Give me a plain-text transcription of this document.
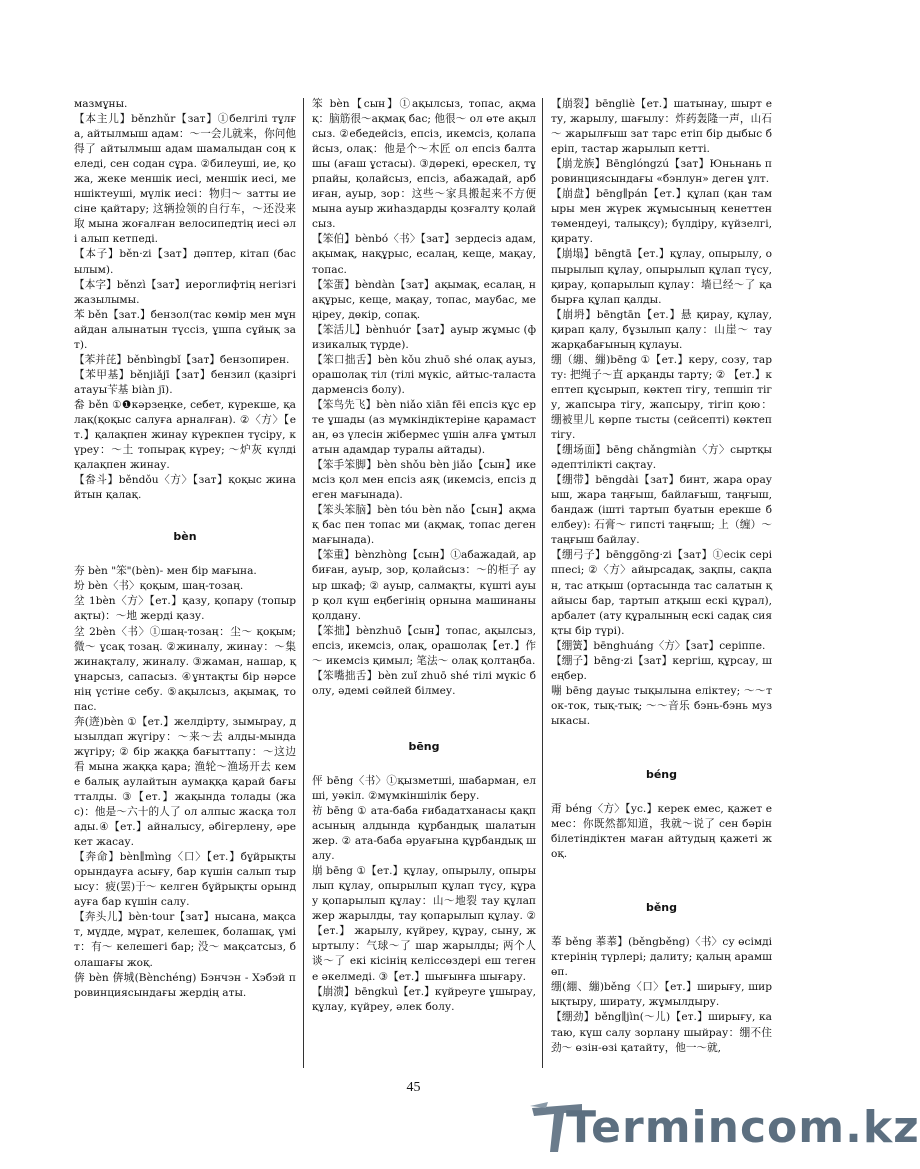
мазмұны.

【本主儿】běnzhǔr【зат】①белгілі тұлға, айтылмыш адам：～一会儿就来，你问他得了 айтылмыш адам шамалыдан соң келеді, сен содан сұра. ②билеуші, ие, қожа, жеке меншік иесі, меншік иесі, меншіктеуші, мүлік иесі：物归～ затты иесіне қайтару; 这辆捡领的自行车，～还没来取 мына жоғалған велосипедтің иесі әлі алып кетпеді.

【本子】běn·zi【зат】дәптер, кітап (басылым).

【本字】běnzì【зат】иероглифтің негізгі жазылымы.

苯 běn【зат.】бензол(тас көмір мен мұнайдан алынатын түссіз, ұшпа сұйық зат).

【苯并芘】běnbìngbǐ【зат】бензопирен.

【苯甲基】běnjiǎjī【зат】бензил (қазіргі атауы苄基 biàn jī).

畚 běn ①❶кәрзеңке, себет, күрекше, қалақ(қоқыс салуға арналған). ②〈方〉【ет.】қалақпен жинау күрекпен түсіру, күреу：～土 топырақ күреу; ～炉灰 күлді қалақпен жинау.

【畚斗】běndǒu〈方〉【зат】қоқыс жинайтын қалақ.

bèn

夯 bèn "笨"(bèn)- мен бір мағына.

坋 bèn〈书〉қоқым, шаң-тозаң.

坌 1bèn〈方〉【ет.】қазу, қопару (топырақты)：～地 жерді қазу.

坌 2bèn〈书〉①шаң-тозаң：尘～ қоқым; 微～ ұсақ тозаң. ②жиналу, жинау：～集 жинақталу, жиналу. ③жаман, нашар, құнарсыз, сапасыз. ④ұнтақты бір нәрсенің үстіне себу. ⑤ақылсыз, ақымақ, топас.

奔(逩)bèn ①【ет.】желдірту, зымырау, дызылдап жүгіру：～来～去 алды-мында жүгіру; ② бір жаққа бағыттапу：～这边看 мына жаққа қара; 渔轮～渔场开去 кеме балық аулайтын аумаққа қарай бағытталды. ③【ет.】жақында толады (жас)：他是～六十的人了 ол алпыс жасқа толады.④【ет.】айналысу, әбігерлену, әрекет жасау.

【奔命】bèn∥mìng〈口〉【ет.】бұйрықты орындауға асығу, бар күшін салып тырысу：疲(罢)于～ келген бұйрықты орындауға бар күшін салу.

【奔头儿】bèn·tour【зат】нысана, мақсат, мүдде, мұрат, келешек, болашақ, үміт：有～ келешегі бар; 没～ мақсатсыз, болашағы жоқ.

倴 bèn 倴城(Bènchéng) Бэнчэн - Хэбэй провинциясындағы жердің аты.

笨 bèn【сын】①ақылсыз, топас, ақмақ：脑筋很～ақмақ бас; 他很～ ол өте ақылсыз. ②ебедейсіз, епсіз, икемсіз, қолапайсыз, олақ：他是个～木匠 ол епсіз балташы (ағаш ұстасы). ③дөрекі, өрескел, тұрпайы, қолайсыз, епсіз, абажадай, арбиған, ауыр, зор：这些～家具搬起来不方便 мына ауыр жиhаздарды қозғалту қолайсыз.

【笨伯】bènbó〈书〉【зат】зердесіз адам, ақымақ, нақұрыс, есалаң, кеще, мақау, топас.

【笨蛋】bèndàn【зат】ақымақ, есалаң, нақұрыс, кеще, мақау, топас, маубас, меңіреу, дөкір, сопақ.

【笨活儿】bènhuór【зат】ауыр жұмыс (физикалық түрде).

【笨口拙舌】bèn kǒu zhuō shé олақ ауыз, орашолақ тіл (тілі мүкіс, айтыс-таласта дарменсіз болу).

【笨鸟先飞】bèn niǎo xiān fēi епсіз құс ерте ұшады (аз мүмкіндіктеріне қарамастан, өз үлесін жібермес үшін алға ұмтылатын адамдар туралы айтады).

【笨手笨脚】bèn shǒu bèn jiǎo【сын】икемсіз қол мен епсіз аяқ (икемсіз, епсіз деген мағынада).

【笨头笨脑】bèn tóu bèn nǎo【сын】ақмақ бас пен топас ми (ақмақ, топас деген мағынада).

【笨重】bènzhòng【сын】①абажадай, арбиған, ауыр, зор, қолайсыз：～的柜子 ауыр шкаф; ② ауыр, салмақты, күшті ауыр қол күш еңбегінің орнына машинаны қолдану.

【笨拙】bènzhuō【сын】топас, ақылсыз, епсіз, икемсіз, олақ, орашолақ【ет.】作～ икемсіз қимыл; 笔法～ олақ қолтаңба.

【笨嘴拙舌】bèn zuǐ zhuō shé тілі мүкіс болу, әдемі сөйлей білмеу.

bēng

伻 bēng〈书〉①қызметші, шабарман, елші, уәкіл. ②мүмкіншілік беру.

祊 bēng ① ата-баба ғибадатханасы қақпасының алдында құрбандық шалатын жер. ② ата-баба әруағына құрбандық шалу.

崩 bēng ①【ет.】құлау, опырылу, опырылып құлау, опырылып құлап түсу, құрау қопарылып құлау：山～地裂 тау құлап жер жарылды, тау қопарылып құлау. ② 【ет.】 жарылу, күйреу, құрау, сыну, жыртылу：气球～了 шар жарылды; 两个人谈～了 екі кісінің келіссөздері еш тегене әкелмеді. ③【ет.】шығынға шығару.

【崩溃】bēngkuì【ет.】күйреуге ұшырау, құлау, күйреу, әлек болу.

【崩裂】bēngliè【ет.】шатынау, шырт ету, жарылу, шағылу：炸药轰隆一声，山石～ жарылғыш зат тарс етіп бір дыбыс беріп, тастар жарылып кетті.

【崩龙族】Bēnglóngzú【зат】Юньнань провинциясындағы «бэнлун» деген ұлт.

【崩盘】bēng∥pán【ет.】құлап (қан тамыры мен жүрек жұмысының кенеттен төмендеуі, талықсу); бүлдіру, күйзелгі, қирату.

【崩塌】bēngtā【ет.】құлау, опырылу, опырылып құлау, опырылып құлап түсу, қирау, қопарылып құлау：墙已经～了 қабырға құлап қалды.

【崩坍】bēngtān【ет.】悬 қирау, құлау, қирап қалу, бұзылып қалу：山崖～ тау жарқабағының құлауы.

绷（綳、繃)bēng ①【ет.】керу, созу, тарту: 把绳子～直 арқанды тарту; ② 【ет.】кептеп құсырып, көктеп тігу, тепшіп тігу, жапсыра тігу, жапсыру, тігіп қою：绷被里儿 көрпе тысты (сейсепті) көктеп тігу.

【绷场面】bēng chǎngmiàn〈方〉сыртқы әдептілікті сақтау.

【绷带】bēngdài【зат】бинт, жара орауыш, жара таңғыш, байлағыш, таңғыш, бандаж (іштi тартып буатын ерекше белбеу): 石膏～ гипсті таңғыш; 上（缠）～ таңғыш байлау.

【绷弓子】bēnggōng·zi【зат】①есік серіппесі; ②〈方〉айырсадақ, зақпы, сақпан, тас атқыш (ортасында тас салатын қайысы бар, тартып атқыш ескі құрал), арбалет (ату құралының ескі садақ сияқты бір түрі).

【绷簧】bēnghuáng〈方〉【зат】серіппе.

【绷子】bēng·zi【зат】кергіш, құрсау, шеңбер.

嘣 bēng дауыс тықылына еліктеу; ～～ток-ток, тық-тық; ～～音乐 бэнь-бэнь музыкасы.

béng

甭 béng〈方〉【ус.】керек емес, қажет емес：你既然都知道，我就～说了 сен бәрін білетіндіктен маған айтудың қажеті жоқ.

běng

菶 běng 菶菶】(běngběng)〈书〉су өсімдіктерінің түрлері; далиту; қалың арамшөп.

绷(綳、繃)běng〈口〉【ет.】ширығу, ширықтыру, ширату, жұмылдыру.

【绷劲】běng∥jìn(～儿)【ет.】ширығу, катаю, күш салу зорлану шыйрау：绷不住劲～ өзін-өзі қатайту，他一～就,

45
Termincom.kz
